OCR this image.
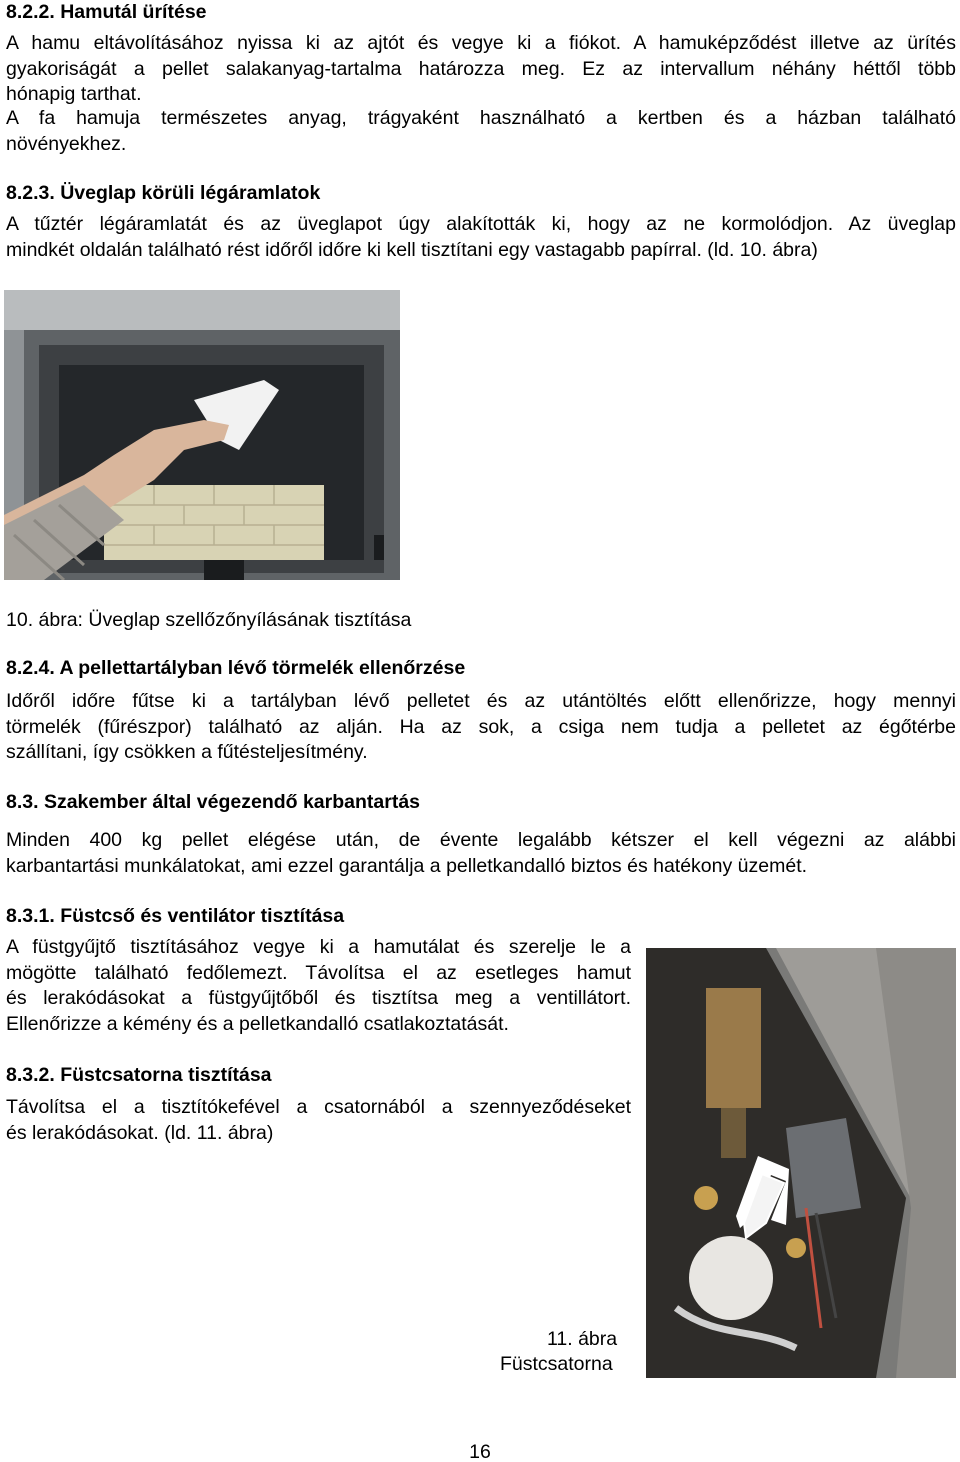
8.2.2. Hamutál ürítése
A hamu eltávolításához nyissa ki az ajtót és vegye ki a fiókot. A hamuképződést illetve az ürítés
gyakoriságát a pellet salakanyag-tartalma határozza meg. Ez az intervallum néhány héttől több
hónapig tarthat.
A fa hamuja természetes anyag, trágyaként használható a kertben és a házban található
növényekhez.
8.2.3. Üveglap körüli légáramlatok
A tűztér légáramlatát és az üveglapot úgy alakították ki, hogy az ne kormolódjon. Az üveglap
mindkét oldalán található rést időről időre ki kell tisztítani egy vastagabb papírral. (ld. 10. ábra)
10. ábra: Üveglap szellőzőnyílásának tisztítása
8.2.4. A pellettartályban lévő törmelék ellenőrzése
Időről időre fűtse ki a tartályban lévő pelletet és az utántöltés előtt ellenőrizze, hogy mennyi
törmelék (fűrészpor) található az alján. Ha az sok, a csiga nem tudja a pelletet az égőtérbe
szállítani, így csökken a fűtésteljesítmény.
8.3. Szakember által végezendő karbantartás
Minden 400 kg pellet elégése után, de évente legalább kétszer el kell végezni az alábbi
karbantartási munkálatokat, ami ezzel garantálja a pelletkandalló biztos és hatékony üzemét.
8.3.1. Füstcső és ventilátor tisztítása
A füstgyűjtő tisztításához vegye ki a hamutálat és szerelje le a
mögötte található fedőlemezt. Távolítsa el az esetleges hamut
és lerakódásokat a füstgyűjtőből és tisztítsa meg a ventillátort.
Ellenőrizze a kémény és a pelletkandalló csatlakoztatását.
8.3.2. Füstcsatorna tisztítása
Távolítsa el a tisztítókefével a csatornából a szennyeződéseket
és lerakódásokat. (ld. 11. ábra)
11. ábra
Füstcsatorna
16
